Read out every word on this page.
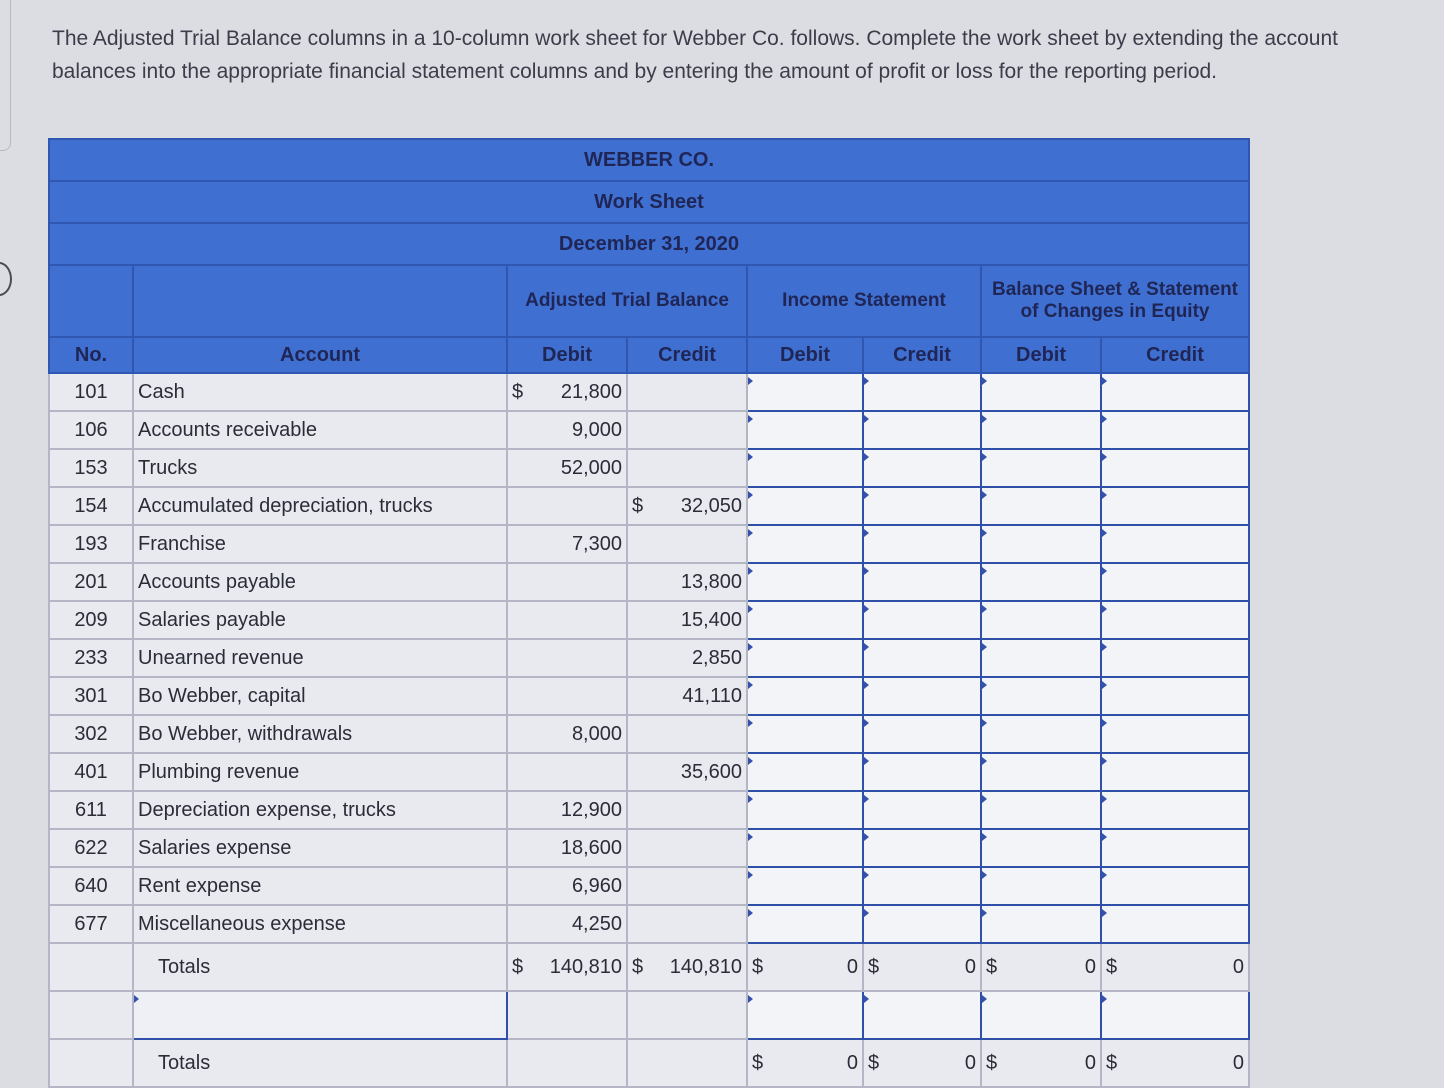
The Adjusted Trial Balance columns in a 10-column work sheet for Webber Co. follows. Complete the work sheet by extending the account balances into the appropriate financial statement columns and by entering the amount of profit or loss for the reporting period.
WEBBER CO.							
Work Sheet							
December 31, 2020							
		Adjusted Trial Balance		Income Statement		Balance Sheet & Statement of Changes in Equity	
No.	Account	Debit	Credit	Debit	Credit	Debit	Credit
101	Cash	$ 21,800					

106	Accounts receivable	9,000					

153	Trucks	52,000					

154	Accumulated depreciation, trucks		$ 32,050				

193	Franchise	7,300					

201	Accounts payable		13,800				

209	Salaries payable		15,400				

233	Unearned revenue		2,850				

301	Bo Webber, capital		41,110				

302	Bo Webber, withdrawals	8,000					

401	Plumbing revenue		35,600				

611	Depreciation expense, trucks	12,900					

622	Salaries expense	18,600					

640	Rent expense	6,960					

677	Miscellaneous expense	4,250					

	Totals	$ 140,810	$ 140,810	$ 0	$ 0	$ 0	$ 0

	Totals			$ 0	$ 0	$ 0	$ 0
